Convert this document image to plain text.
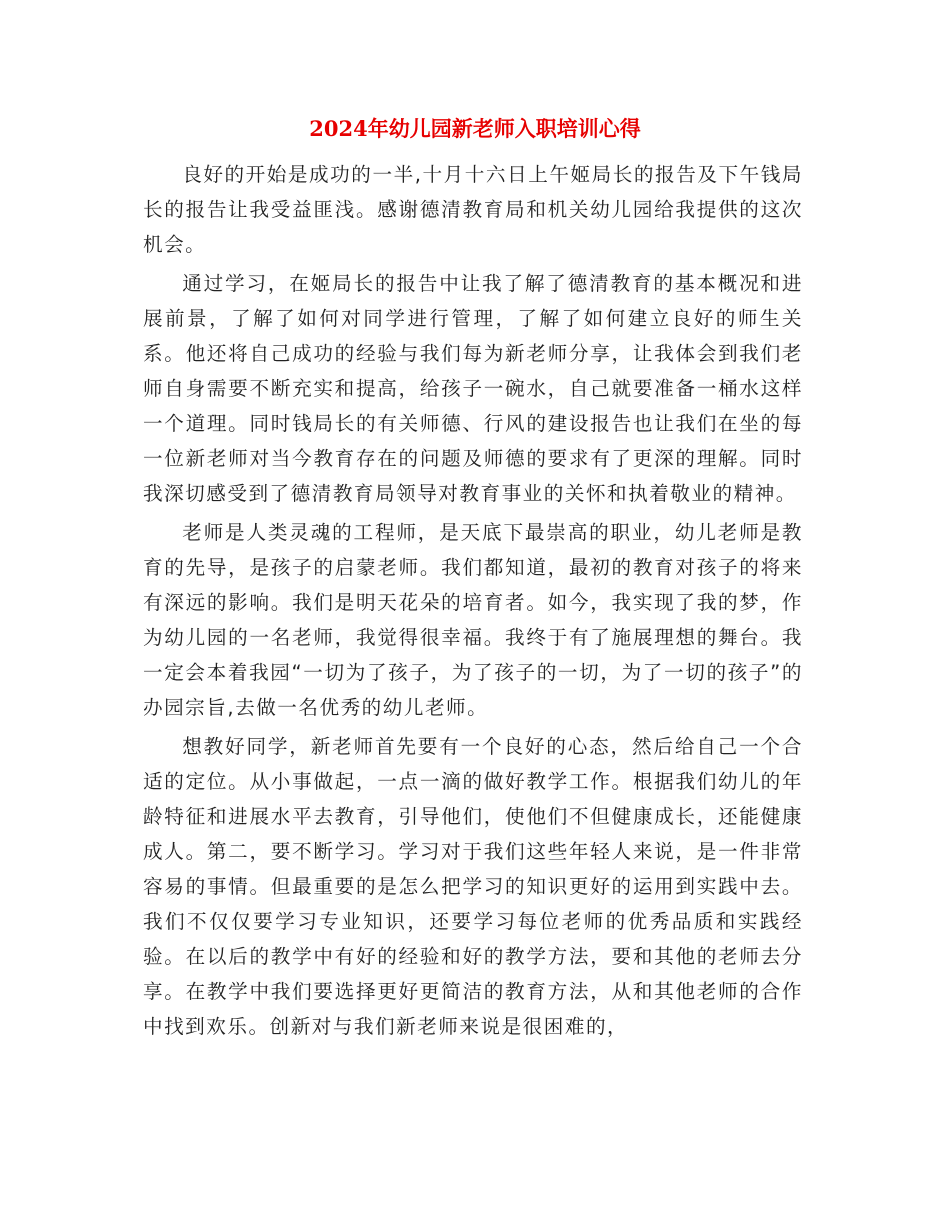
2024年幼儿园新老师入职培训心得

良好的开始是成功的一半,十月十六日上午姬局长的报告及下午钱局长的报告让我受益匪浅。感谢德清教育局和机关幼儿园给我提供的这次机会。

通过学习，在姬局长的报告中让我了解了德清教育的基本概况和进展前景，了解了如何对同学进行管理，了解了如何建立良好的师生关系。他还将自己成功的经验与我们每为新老师分享，让我体会到我们老师自身需要不断充实和提高，给孩子一碗水，自己就要准备一桶水这样一个道理。同时钱局长的有关师德、行风的建设报告也让我们在坐的每一位新老师对当今教育存在的问题及师德的要求有了更深的理解。同时我深切感受到了德清教育局领导对教育事业的关怀和执着敬业的精神。

老师是人类灵魂的工程师，是天底下最崇高的职业，幼儿老师是教育的先导，是孩子的启蒙老师。我们都知道，最初的教育对孩子的将来有深远的影响。我们是明天花朵的培育者。如今，我实现了我的梦，作为幼儿园的一名老师，我觉得很幸福。我终于有了施展理想的舞台。我一定会本着我园“一切为了孩子，为了孩子的一切，为了一切的孩子”的办园宗旨,去做一名优秀的幼儿老师。

想教好同学，新老师首先要有一个良好的心态，然后给自己一个合适的定位。从小事做起，一点一滴的做好教学工作。根据我们幼儿的年龄特征和进展水平去教育，引导他们，使他们不但健康成长，还能健康成人。第二，要不断学习。学习对于我们这些年轻人来说，是一件非常容易的事情。但最重要的是怎么把学习的知识更好的运用到实践中去。我们不仅仅要学习专业知识，还要学习每位老师的优秀品质和实践经验。在以后的教学中有好的经验和好的教学方法，要和其他的老师去分享。在教学中我们要选择更好更简洁的教育方法，从和其他老师的合作中找到欢乐。创新对与我们新老师来说是很困难的，
